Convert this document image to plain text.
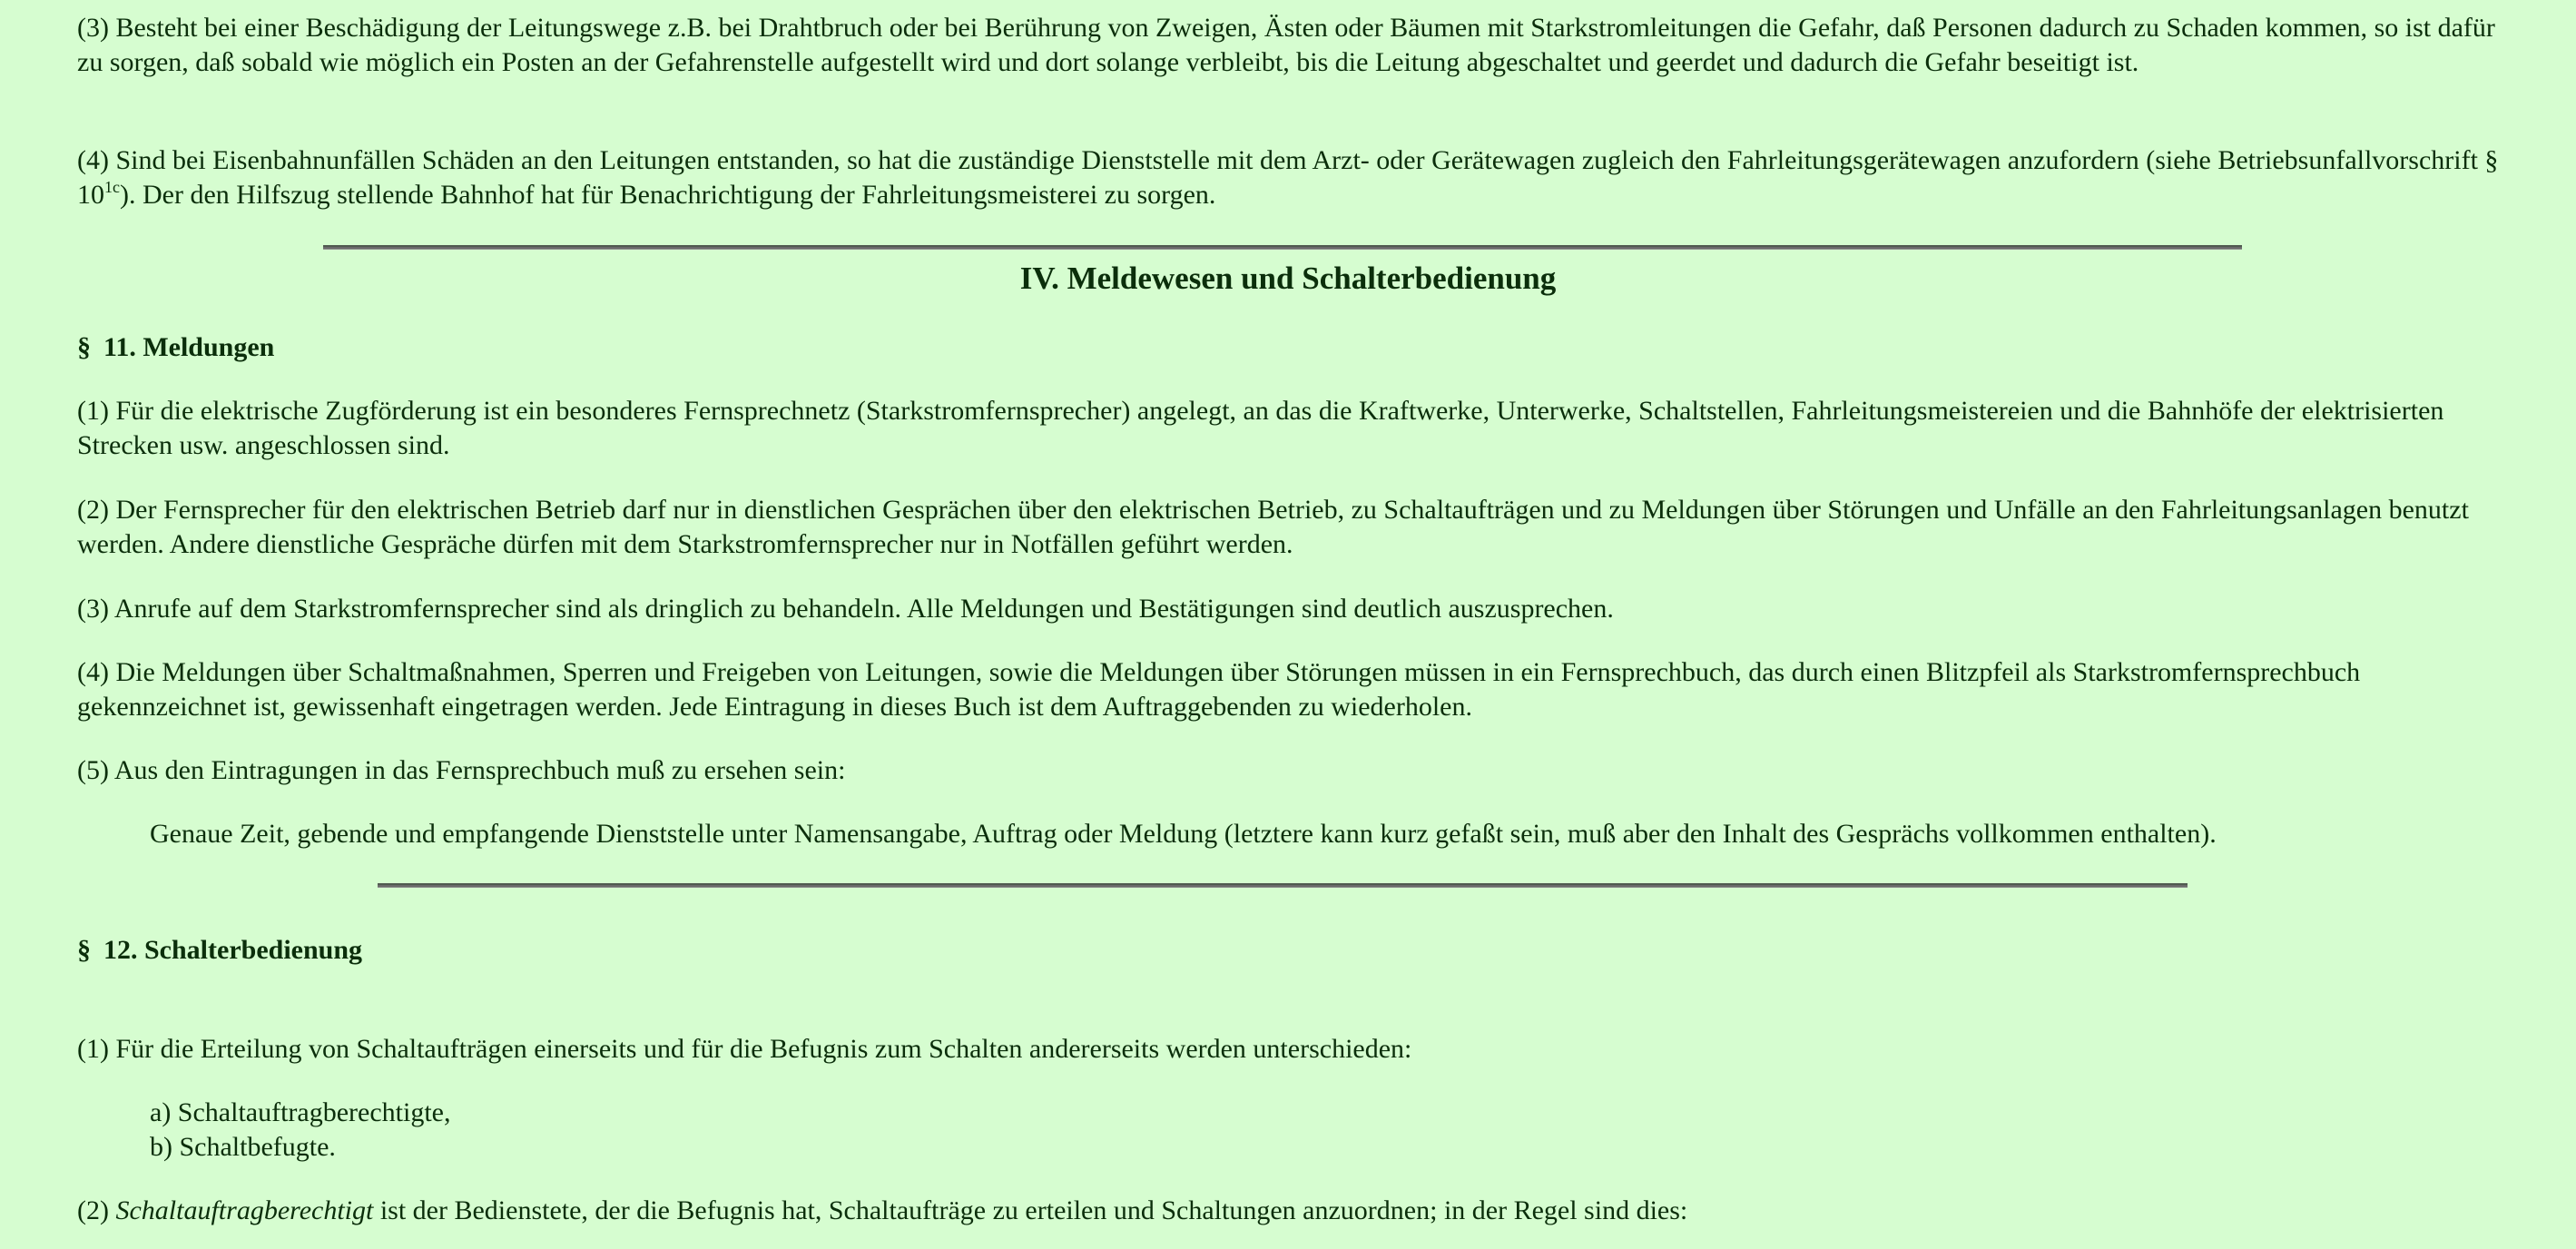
(3) Besteht bei einer Beschädigung der Leitungswege z.B. bei Drahtbruch oder bei Berührung von Zweigen, Ästen oder Bäumen mit Starkstromleitungen die Gefahr, daß Personen dadurch zu Schaden kommen, so ist dafür zu sorgen, daß sobald wie möglich ein Posten an der Gefahrenstelle aufgestellt wird und dort solange verbleibt, bis die Leitung abgeschaltet und geerdet und dadurch die Gefahr beseitigt ist.

(4) Sind bei Eisenbahnunfällen Schäden an den Leitungen entstanden, so hat die zuständige Dienststelle mit dem Arzt- oder Gerätewagen zugleich den Fahrleitungsgerätewagen anzufordern (siehe Betriebsunfallvorschrift § $10^{1c}$). Der den Hilfszug stellende Bahnhof hat für Benachrichtigung der Fahrleitungsmeisterei zu sorgen.

IV. Meldewesen und Schalterbedienung
§ 11. Meldungen

(1) Für die elektrische Zugförderung ist ein besonderes Fernsprechnetz (Starkstromfernsprecher) angelegt, an das die Kraftwerke, Unterwerke, Schaltstellen, Fahrleitungsmeistereien und die Bahnhöfe der elektrisierten Strecken usw. angeschlossen sind.

(2) Der Fernsprecher für den elektrischen Betrieb darf nur in dienstlichen Gesprächen über den elektrischen Betrieb, zu Schaltaufträgen und zu Meldungen über Störungen und Unfälle an den Fahrleitungsanlagen benutzt werden. Andere dienstliche Gespräche dürfen mit dem Starkstromfernsprecher nur in Notfällen geführt werden.

(3) Anrufe auf dem Starkstromfernsprecher sind als dringlich zu behandeln. Alle Meldungen und Bestätigungen sind deutlich auszusprechen.

(4) Die Meldungen über Schaltmaßnahmen, Sperren und Freigeben von Leitungen, sowie die Meldungen über Störungen müssen in ein Fernsprechbuch, das durch einen Blitzpfeil als Starkstromfernsprechbuch gekennzeichnet ist, gewissenhaft eingetragen werden. Jede Eintragung in dieses Buch ist dem Auftraggebenden zu wiederholen.

(5) Aus den Eintragungen in das Fernsprechbuch muß zu ersehen sein:

Genaue Zeit, gebende und empfangende Dienststelle unter Namensangabe, Auftrag oder Meldung (letztere kann kurz gefaßt sein, muß aber den Inhalt des Gesprächs vollkommen enthalten).

§ 12. Schalterbedienung

(1) Für die Erteilung von Schaltaufträgen einerseits und für die Befugnis zum Schalten andererseits werden unterschieden:

a) Schaltauftragberechtigte,
b) Schaltbefugte.

(2) Schaltauftragberechtigt ist der Bedienstete, der die Befugnis hat, Schaltaufträge zu erteilen und Schaltungen anzuordnen; in der Regel sind dies:
